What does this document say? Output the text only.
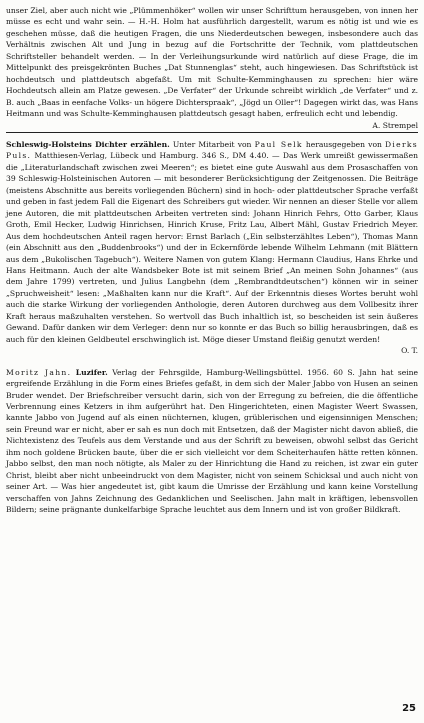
unser Ziel, aber auch nicht wie „Plümmenhöker“ wollen wir unser Schrifttum herausgeben, von innen her müsse es echt und wahr sein. — H.-H. Holm hat ausführlich dargestellt, warum es nötig ist und wie es geschehen müsse, daß die heutigen Fragen, die uns Niederdeutschen bewegen, insbesondere auch das Verhältnis zwischen Alt und Jung in bezug auf die Fortschritte der Technik, vom plattdeutschen Schriftsteller behandelt werden. — In der Verleihungsurkunde wird natürlich auf diese Frage, die im Mittelpunkt des preisgekrönten Buches „Dat Stunnenglas“ steht, auch hingewiesen. Das Schriftstück ist hochdeutsch und plattdeutsch abgefaßt. Um mit Schulte-Kemminghausen zu sprechen: hier wäre Hochdeutsch allein am Platze gewesen. „De Verfater“ der Urkunde schreibt wirklich „de Verfater“ und z. B. auch „Baas in eenfache Volks- un högere Dichterspraak“, „Jögd un Oller“! Dagegen wirkt das, was Hans Heitmann und was Schulte-Kemminghausen plattdeutsch gesagt haben, erfreulich echt und lebendig.

A. Strempel

Schleswig-Holsteins Dichter erzählen. Unter Mitarbeit von Paul Selk herausgegeben von Dierks Puls. Matthiesen-Verlag, Lübeck und Hamburg. 346 S., DM 4.40. — Das Werk umreißt gewissermaßen die „Literaturlandschaft zwischen zwei Meeren“; es bietet eine gute Auswahl aus dem Prosaschaffen von 39 Schleswig-Holsteinischen Autoren — mit besonderer Berücksichtigung der Zeitgenossen. Die Beiträge (meistens Abschnitte aus bereits vorliegenden Büchern) sind in hoch- oder plattdeutscher Sprache verfaßt und geben in fast jedem Fall die Eigenart des Schreibers gut wieder. Wir nennen an dieser Stelle vor allem jene Autoren, die mit plattdeutschen Arbeiten vertreten sind: Johann Hinrich Fehrs, Otto Garber, Klaus Groth, Emil Hecker, Ludwig Hinrichsen, Hinrich Kruse, Fritz Lau, Albert Mähl, Gustav Friedrich Meyer. Aus dem hochdeutschen Anteil ragen hervor: Ernst Barlach („Ein selbsterzähltes Leben“), Thomas Mann (ein Abschnitt aus den „Buddenbrooks“) und der in Eckernförde lebende Wilhelm Lehmann (mit Blättern aus dem „Bukolischen Tagebuch“). Weitere Namen von gutem Klang: Hermann Claudius, Hans Ehrke und Hans Heitmann. Auch der alte Wandsbeker Bote ist mit seinem Brief „An meinen Sohn Johannes“ (aus dem Jahre 1799) vertreten, und Julius Langbehn (dem „Rembrandtdeutschen“) können wir in seiner „Spruchweisheit“ lesen: „Maßhalten kann nur die Kraft“. Auf der Erkenntnis dieses Wortes beruht wohl auch die starke Wirkung der vorliegenden Anthologie, deren Autoren durchweg aus dem Vollbesitz ihrer Kraft heraus maßzuhalten verstehen. So wertvoll das Buch inhaltlich ist, so bescheiden ist sein äußeres Gewand. Dafür danken wir dem Verleger: denn nur so konnte er das Buch so billig herausbringen, daß es auch für den kleinen Geldbeutel erschwinglich ist. Möge dieser Umstand fleißig genutzt werden!

O. T.

Moritz Jahn. Luzifer. Verlag der Fehrsgilde, Hamburg-Wellingsbüttel. 1956. 60 S. Jahn hat seine ergreifende Erzählung in die Form eines Briefes gefaßt, in dem sich der Maler Jabbo von Husen an seinen Bruder wendet. Der Briefschreiber versucht darin, sich von der Erregung zu befreien, die die öffentliche Verbrennung eines Ketzers in ihm aufgerührt hat. Den Hingerichteten, einen Magister Weert Swassen, kannte Jabbo von Jugend auf als einen nüchternen, klugen, grüblerischen und eigensinnigen Menschen; sein Freund war er nicht, aber er sah es nun doch mit Entsetzen, daß der Magister nicht davon abließ, die Nichtexistenz des Teufels aus dem Verstande und aus der Schrift zu beweisen, obwohl selbst das Gericht ihm noch goldene Brücken baute, über die er sich vielleicht vor dem Scheiterhaufen hätte retten können. Jabbo selbst, den man noch nötigte, als Maler zu der Hinrichtung die Hand zu reichen, ist zwar ein guter Christ, bleibt aber nicht unbeeindruckt von dem Magister, nicht von seinem Schicksal und auch nicht von seiner Art. — Was hier angedeutet ist, gibt kaum die Umrisse der Erzählung und kann keine Vorstellung verschaffen von Jahns Zeichnung des Gedanklichen und Seelischen. Jahn malt in kräftigen, lebensvollen Bildern; seine prägnante dunkelfarbige Sprache leuchtet aus dem Innern und ist von großer Bildkraft.

25
